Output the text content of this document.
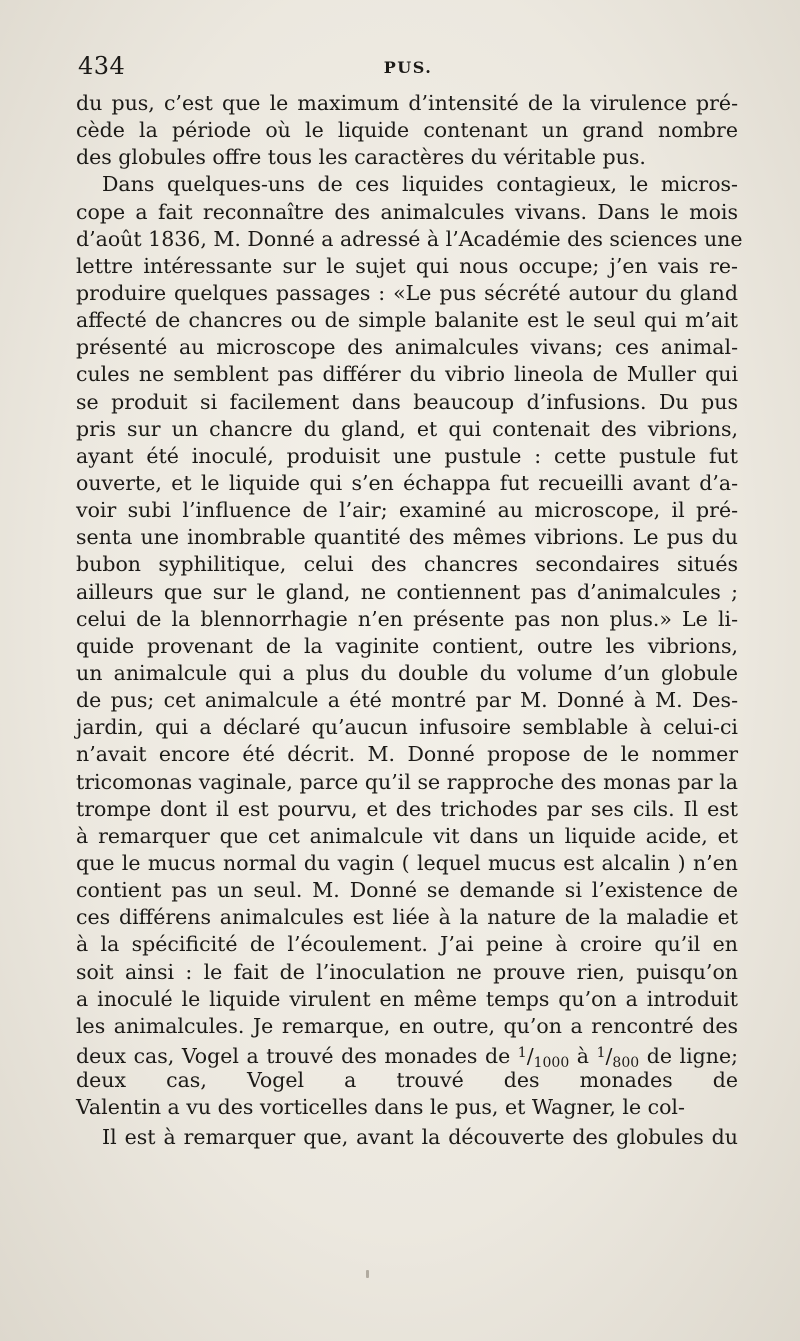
434	PUS.
du pus, c’est que le maximum d’intensité de la virulence pré-
cède la période où le liquide contenant un grand nombre
des globules offre tous les caractères du véritable pus.
Dans quelques-uns de ces liquides contagieux, le micros-
cope a fait reconnaître des animalcules vivans. Dans le mois
d’août 1836, M. Donné a adressé à l’Académie des sciences une
lettre intéressante sur le sujet qui nous occupe; j’en vais re-
produire quelques passages : «Le pus sécrété autour du gland
affecté de chancres ou de simple balanite est le seul qui m’ait
présenté au microscope des animalcules vivans; ces animal-
cules ne semblent pas différer du vibrio lineola de Muller qui
se produit si facilement dans beaucoup d’infusions. Du pus
pris sur un chancre du gland, et qui contenait des vibrions,
ayant été inoculé, produisit une pustule : cette pustule fut
ouverte, et le liquide qui s’en échappa fut recueilli avant d’a-
voir subi l’influence de l’air; examiné au microscope, il pré-
senta une inombrable quantité des mêmes vibrions. Le pus du
bubon syphilitique, celui des chancres secondaires situés
ailleurs que sur le gland, ne contiennent pas d’animalcules ;
celui de la blennorrhagie n’en présente pas non plus.» Le li-
quide provenant de la vaginite contient, outre les vibrions,
un animalcule qui a plus du double du volume d’un globule
de pus; cet animalcule a été montré par M. Donné à M. Des-
jardin, qui a déclaré qu’aucun infusoire semblable à celui-ci
n’avait encore été décrit. M. Donné propose de le nommer
tricomonas vaginale, parce qu’il se rapproche des monas par la
trompe dont il est pourvu, et des trichodes par ses cils. Il est
à remarquer que cet animalcule vit dans un liquide acide, et
que le mucus normal du vagin ( lequel mucus est alcalin ) n’en
contient pas un seul. M. Donné se demande si l’existence de
ces différens animalcules est liée à la nature de la maladie et
à la spécificité de l’écoulement. J’ai peine à croire qu’il en
soit ainsi : le fait de l’inoculation ne prouve rien, puisqu’on
a inoculé le liquide virulent en même temps qu’on a introduit
les animalcules. Je remarque, en outre, qu’on a rencontré des
deux cas, Vogel a trouvé des monades de $^1$/1000 à $^1$/800 de ligne;
deux cas, Vogel a trouvé des monades de
Valentin a vu des vorticelles dans le pus, et Wagner, le col-
Il est à remarquer que, avant la découverte des globules du
